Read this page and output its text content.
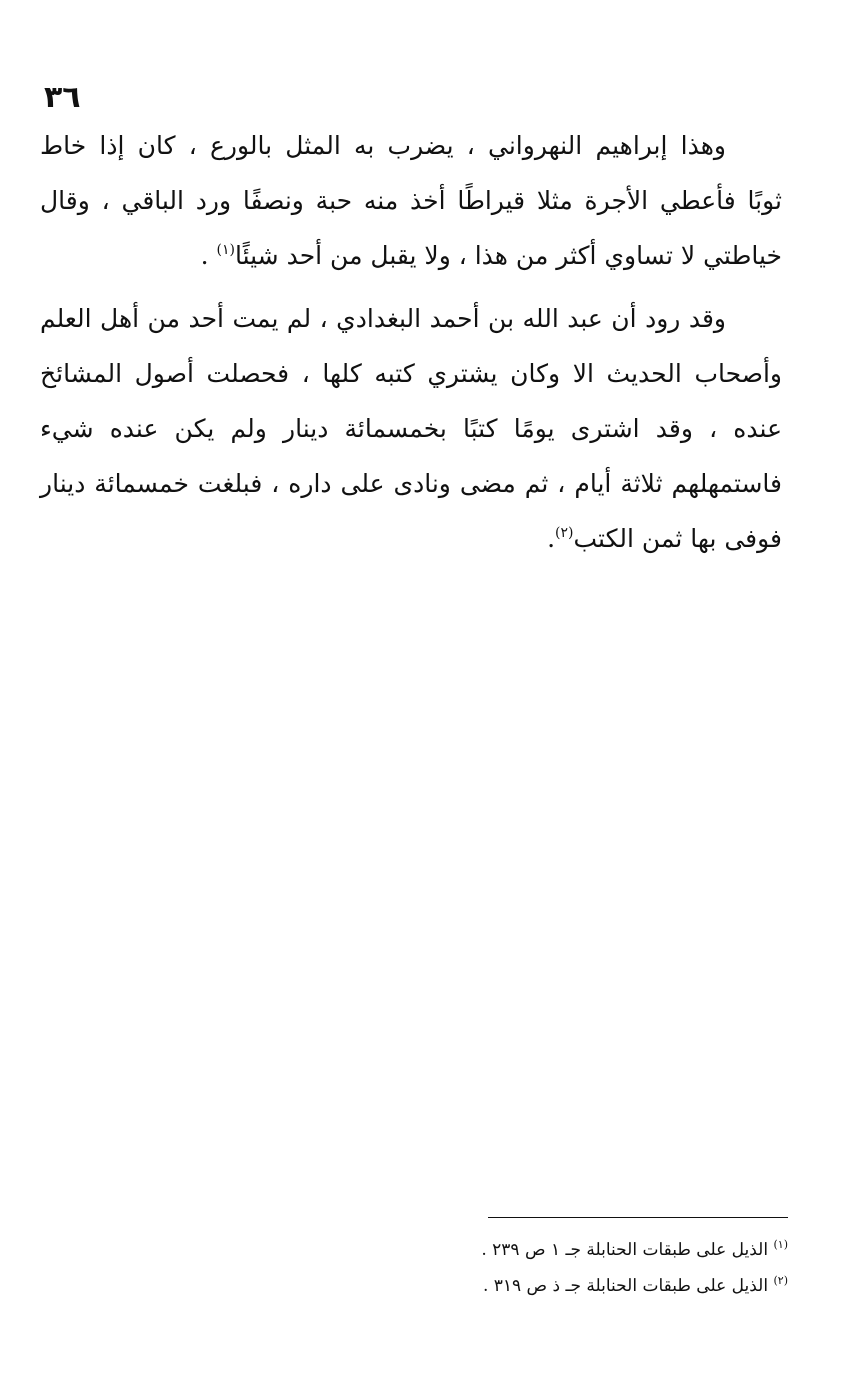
٣٦

وهذا إبراهيم النهرواني ، يضرب به المثل بالورع ، كان إذا خاط
ثوبًا فأعطي الأجرة مثلا قيراطًا أخذ منه حبة ونصفًا ورد الباقي ، وقال
خياطتي لا تساوي أكثر من هذا ، ولا يقبل من أحد شيئًا$^{(١)}$ .

وقد رود أن عبد الله بن أحمد البغدادي ، لم يمت أحد من أهل العلم
وأصحاب الحديث الا وكان يشتري كتبه كلها ، فحصلت أصول المشائخ
عنده ، وقد اشترى يومًا كتبًا بخمسمائة دينار ولم يكن عنده شيء
فاستمهلهم ثلاثة أيام ، ثم مضى ونادى على داره ، فبلغت خمسمائة دينار
فوفى بها ثمن الكتب$^{(٢)}$.

$^{(١)}$ الذيل على طبقات الحنابلة جـ ١ ص ٢٣٩ .
$^{(٢)}$ الذيل على طبقات الحنابلة جـ ذ ص ٣١٩ .
